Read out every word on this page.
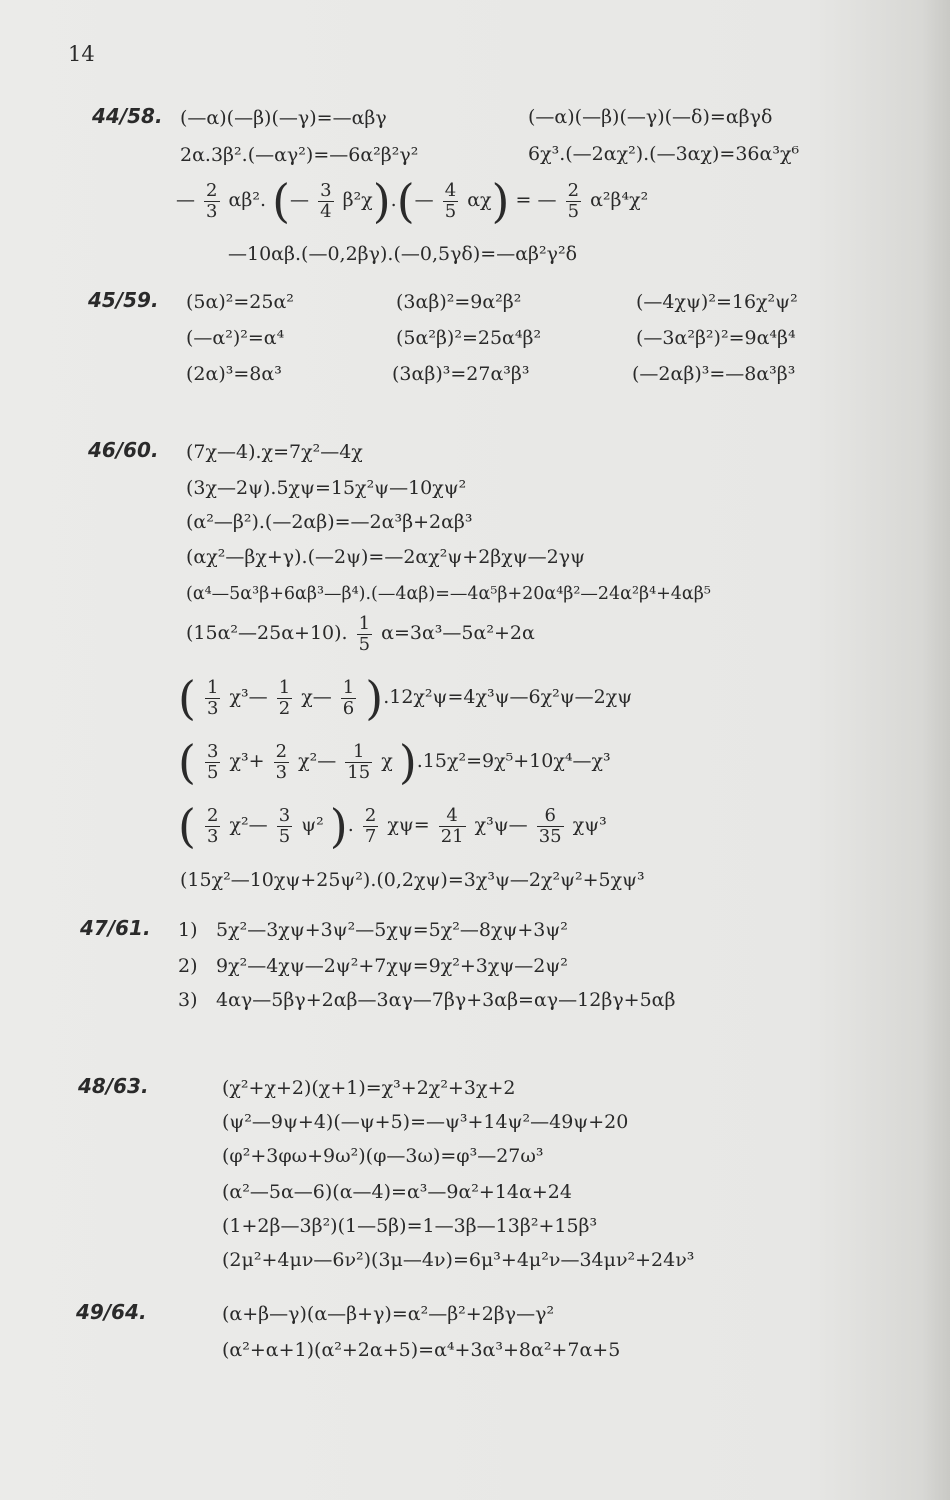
14
44/58. (—α)(—β)(—γ)=—αβγ	(—α)(—β)(—γ)(—δ)=αβγδ
2α.3β².(—αγ²)=—6α²β²γ²	6χ³.(—2αχ²).(—3αχ)=36α³χ⁶
— $\frac{2}{3} \alpha\beta^2$. (— $\frac{3}{4}$ β²χ).(— $\frac{4}{5} \alpha\chi$) = — $\frac{2}{5} \alpha^2\beta^4\chi^2$
—10αβ.(—0,2βγ).(—0,5γδ)=—αβ²γ²δ
45/59. (5α)²=25α²	(3αβ)²=9α²β²	(—4χψ)²=16χ²ψ²
(—α²)²=α⁴	(5α²β)²=25α⁴β²	(—3α²β²)²=9α⁴β⁴
(2α)³=8α³	(3αβ)³=27α³β³	(—2αβ)³=—8α³β³
46/60. (7χ—4).χ=7χ²—4χ
(3χ—2ψ).5χψ=15χ²ψ—10χψ²
(α²—β²).(—2αβ)=—2α³β+2αβ³
(αχ²—βχ+γ).(—2ψ)=—2αχ²ψ+2βχψ—2γψ
(α⁴—5α³β+6αβ³—β⁴).(—4αβ)=—4α⁵β+20α⁴β²—24α²β⁴+4αβ⁵
(15α²—25α+10). $\frac{1}{5}$ α=3α³—5α²+2α
( $\frac{1}{3}$ χ³— $\frac{1}{2}$ χ— $\frac{1}{6}$ ).12χ²ψ=4χ³ψ—6χ²ψ—2χψ
( $\frac{3}{5} \chi^3+ \frac{2}{3}$ χ²— $\frac{1}{15}$ χ ).15χ²=9χ⁵+10χ⁴—χ³
( $\frac{2}{3}$ χ²— $\frac{3}{5} \psi^2$ ). $\frac{2}{7} \chi\psi= \frac{4}{21}$ χ³ψ— $\frac{6}{35} \chi\psi^3$
(15χ²—10χψ+25ψ²).(0,2χψ)=3χ³ψ—2χ²ψ²+5χψ³
47/61. 1) 5χ²—3χψ+3ψ²—5χψ=5χ²—8χψ+3ψ²
2) 9χ²—4χψ—2ψ²+7χψ=9χ²+3χψ—2ψ²
3) 4αγ—5βγ+2αβ—3αγ—7βγ+3αβ=αγ—12βγ+5αβ
48/63.	(χ²+χ+2)(χ+1)=χ³+2χ²+3χ+2
(ψ²—9ψ+4)(—ψ+5)=—ψ³+14ψ²—49ψ+20
(φ²+3φω+9ω²)(φ—3ω)=φ³—27ω³
(α²—5α—6)(α—4)=α³—9α²+14α+24
(1+2β—3β²)(1—5β)=1—3β—13β²+15β³
(2μ²+4μν—6ν²)(3μ—4ν)=6μ³+4μ²ν—34μν²+24ν³
49/64.	(α+β—γ)(α—β+γ)=α²—β²+2βγ—γ²
(α²+α+1)(α²+2α+5)=α⁴+3α³+8α²+7α+5
